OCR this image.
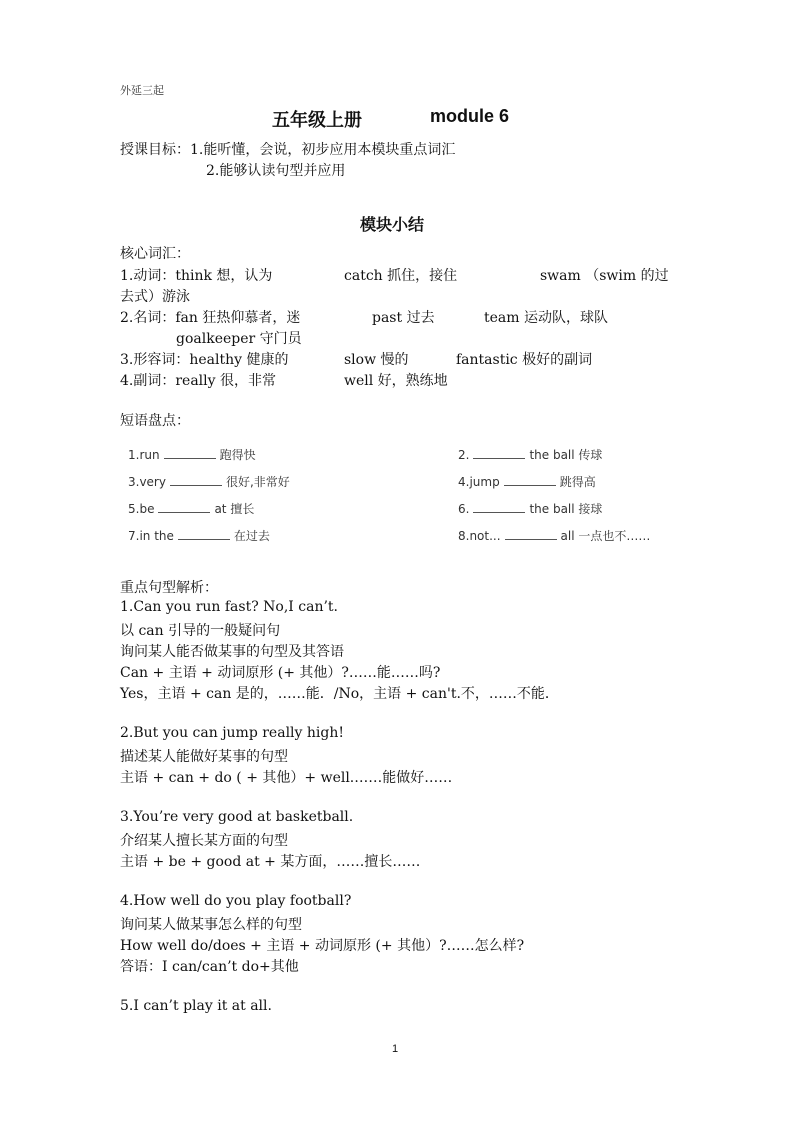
外延三起
五年级上册	module 6
授课目标：1.能听懂，会说，初步应用本模块重点词汇
2.能够认读句型并应用
模块小结
核心词汇：
1.动词：think 想，认为	catch 抓住，接住	swam （swim 的过
去式）游泳
2.名词：fan 狂热仰慕者，迷	past 过去	team 运动队，球队
goalkeeper 守门员
3.形容词：healthy 健康的	slow 慢的	fantastic 极好的副词
4.副词：really 很，非常	well 好，熟练地
短语盘点：
1.run	跑得快	2.	the ball 传球
3.very	很好,非常好	4.jump	跳得高
5.be	at 擅长	6.	the ball 接球
7.in the	在过去	8.not...	all 一点也不……
重点句型解析：
1.Can you run fast? No,I can’t.
以 can 引导的一般疑问句
询问某人能否做某事的句型及其答语
Can + 主语 + 动词原形 (+ 其他）?……能……吗?
Yes，主语 + can 是的，……能．/No，主语 + can't.不，……不能．
2.But you can jump really high!
描述某人能做好某事的句型
主语 + can + do ( + 其他）+ well.……能做好……
3.You’re very good at basketball.
介绍某人擅长某方面的句型
主语 + be + good at + 某方面，……擅长……
4.How well do you play football?
询问某人做某事怎么样的句型
How well do/does + 主语 + 动词原形 (+ 其他）?……怎么样?
答语：I can/can’t do+其他
5.I can’t play it at all.
1
